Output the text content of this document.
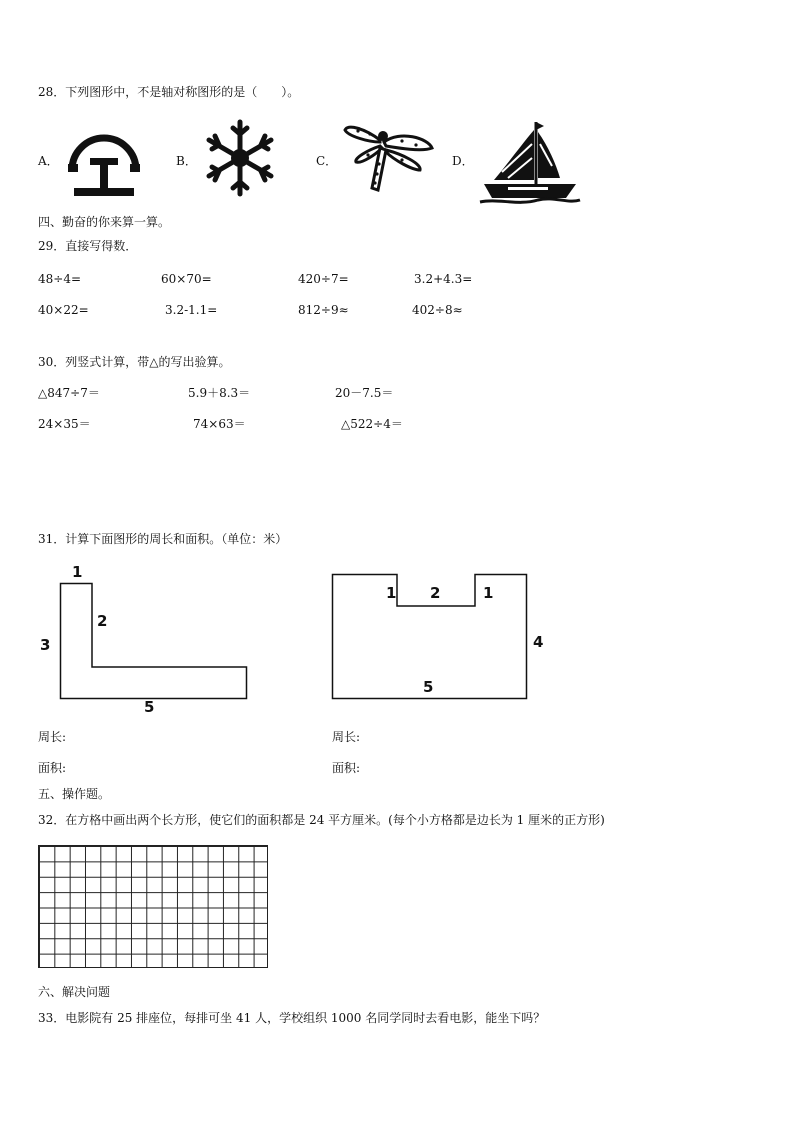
28．下列图形中，不是轴对称图形的是（　　）。
A．	B．	C．	D．
四、勤奋的你来算一算。
29．直接写得数．
48÷4=	60×70=	420÷7=	3.2+4.3=
40×22=	3.2-1.1=	812÷9≈	402÷8≈
30．列竖式计算，带△的写出验算。
△847÷7＝	5.9＋8.3＝	20－7.5＝
24×35＝	74×63＝	△522÷4＝
31．计算下面图形的周长和面积。（单位：米）
1
2
3
5
1 2	1
4
5
周长:	周长:
面积:	面积:
五、操作题。
32．在方格中画出两个长方形，使它们的面积都是 24 平方厘米。(每个小方格都是边长为 1 厘米的正方形)
六、解决问题
33．电影院有 25 排座位，每排可坐 41 人，学校组织 1000 名同学同时去看电影，能坐下吗？
